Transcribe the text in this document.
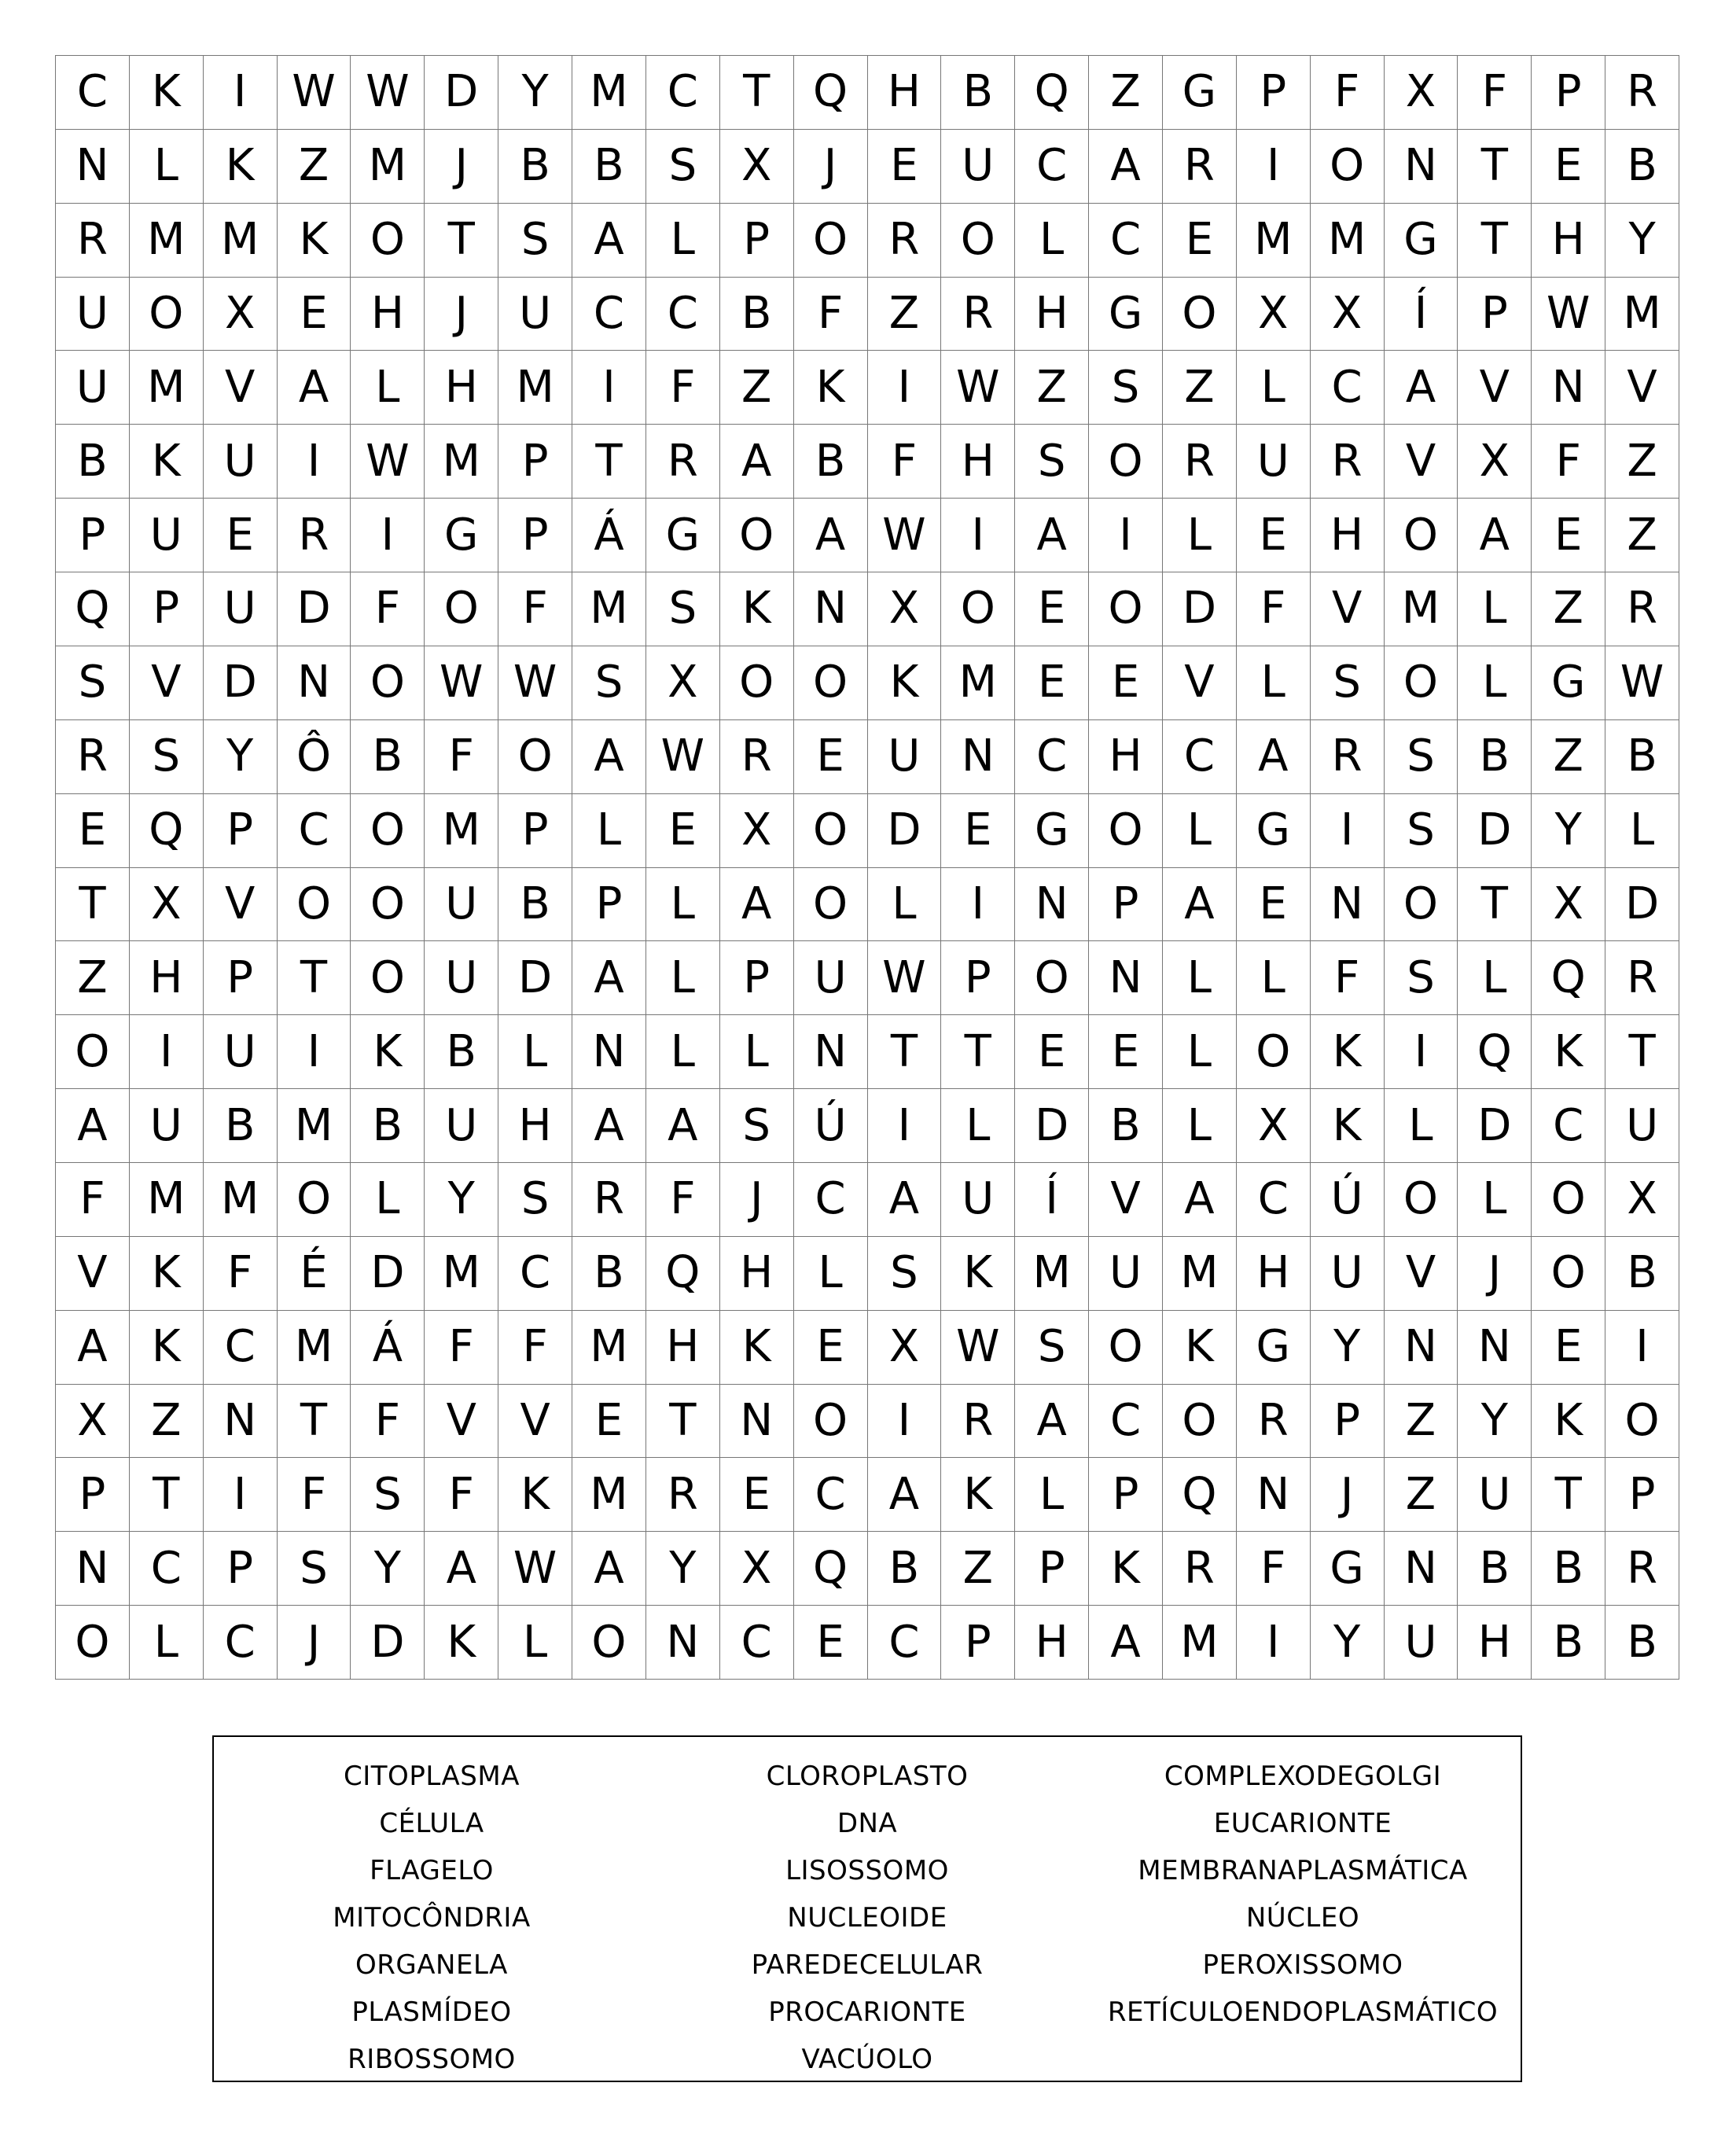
C K	I	W W D Y M C	T Q H B Q Z G P	F	X	F	P	R
N	L	K	Z M	J	B B	S	X	J	E U C A R	I	O N T	E	B
R M M K O T	S	A	L	P O R O	L	C	E M M G T H Y
U O X	E H	J	U C C B	F	Z R H G O X X	Í	P W M
U M V A	L	H M	I	F	Z	K	I	W Z	S	Z	L	C A V N V
B	K U	I	W M P	T	R A B	F	H S O R U R V X	F	Z
P	U E	R	I	G P	Á G O A W	I	A	I	L	E H O A	E	Z
Q P	U D	F O F M S	K N X O E O D	F	V M L	Z R
S	V D N O W W S	X O O K M E	E	V	L	S O	L	G W
R	S	Y Ô B	F O A W R	E U N C H C A R	S	B Z B
E Q P	C O M P	L	E	X O D E G O	L	G	I	S D Y	L
T	X V O O U B	P	L	A O	L	I	N	P	A	E N O T	X D
Z H P	T O U D A	L	P	U W P O N	L	L	F	S	L	Q R
O	I	U	I	K	B	L	N	L	L	N T	T	E	E	L	O K	I	Q K	T
A U B M B U H A A	S Ú	I	L	D B	L	X	K	L	D C U
F M M O	L	Y	S	R	F	J	C A U	Í	V A C Ú O	L	O X
V	K	F	É D M C B Q H	L	S	K M U M H U V	J	O B
A	K C M Á	F	F M H K	E	X W S O K G Y N N E	I
X Z N T	F	V V	E	T N O	I	R A C O R	P	Z	Y	K O
P	T	I	F	S	F	K M R	E	C A	K	L	P Q N	J	Z U	T	P
N C	P	S	Y	A W A	Y	X Q B Z	P	K	R	F	G N B B R
O	L	C	J	D K	L	O N C	E	C	P H A M	I	Y	U H B B
CITOPLASMA
CÉLULA
FLAGELO
MITOCÔNDRIA
ORGANELA
PLASMÍDEO
RIBOSSOMO
CLOROPLASTO
DNA
LISOSSOMO
NUCLEOIDE
PAREDECELULAR
PROCARIONTE
VACÚOLO
COMPLEXODEGOLGI
EUCARIONTE
MEMBRANAPLASMÁTICA
NÚCLEO
PEROXISSOMO
RETÍCULOENDOPLASMÁTICO
